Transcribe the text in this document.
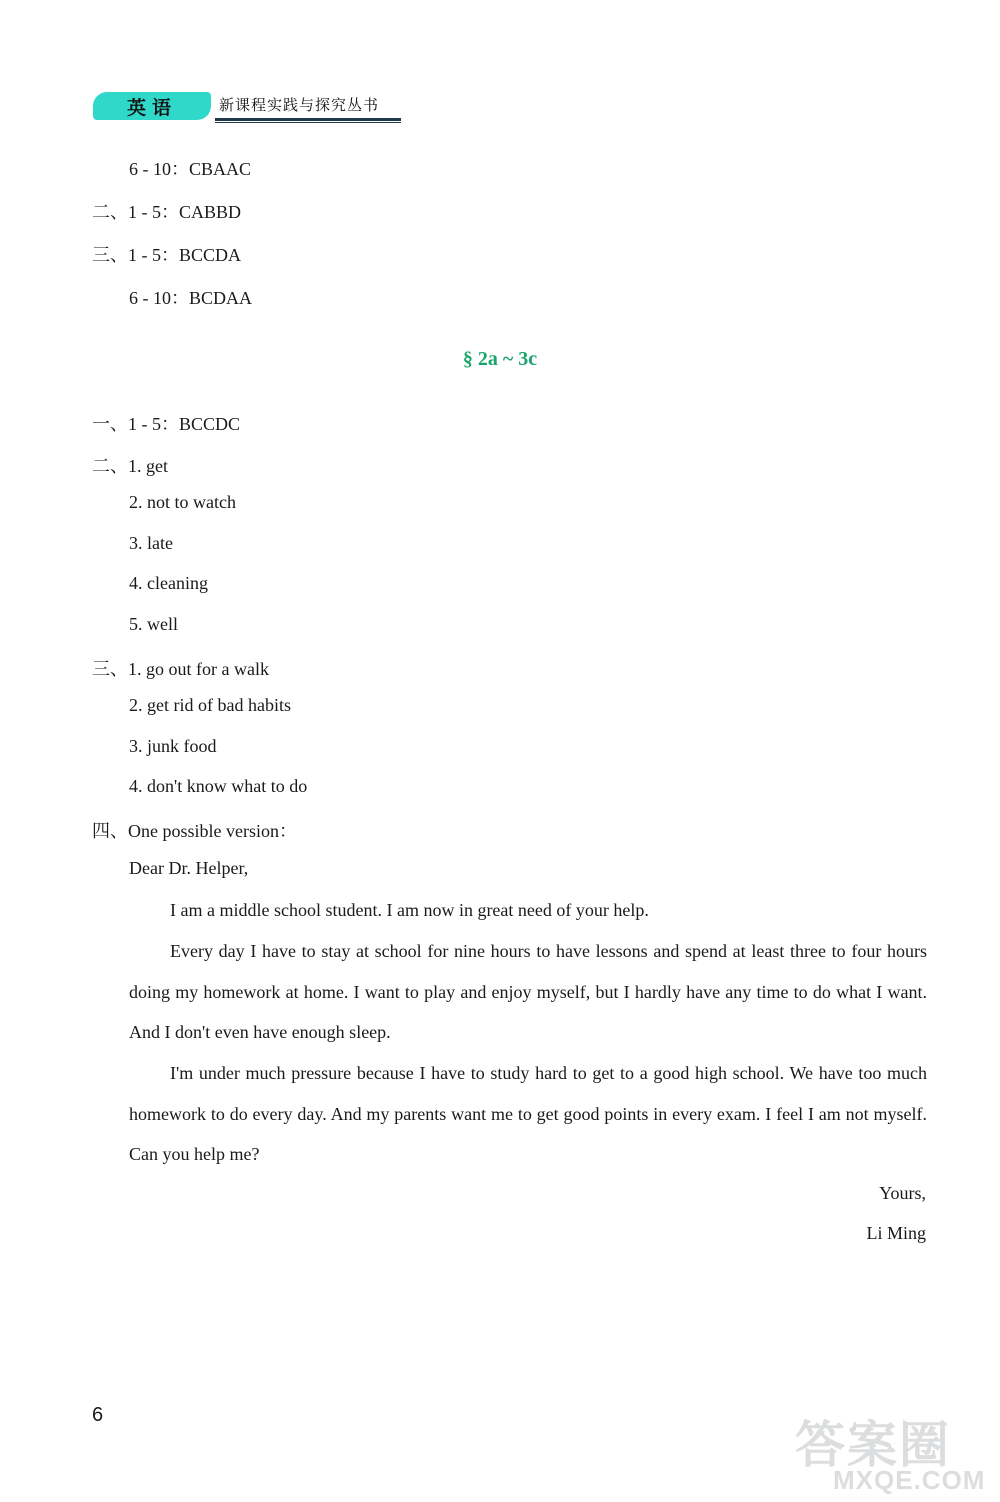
英语	新课程实践与探究丛书
6 - 10：CBAAC
二、1 - 5：CABBD
三、1 - 5：BCCDA
6 - 10：BCDAA
§ 2a ~ 3c
一、1 - 5：BCCDC
二、1. get
2. not to watch
3. late
4. cleaning
5. well
三、1. go out for a walk
2. get rid of bad habits
3. junk food
4. don't know what to do
四、One possible version：
Dear Dr. Helper,
I am a middle school student. I am now in great need of your help.
Every day I have to stay at school for nine hours to have lessons and spend at least three to four hours doing my homework at home. I want to play and enjoy myself, but I hardly have any time to do what I want. And I don't even have enough sleep.
I'm under much pressure because I have to study hard to get to a good high school. We have too much homework to do every day. And my parents want me to get good points in every exam. I feel I am not myself. Can you help me?
Yours,
Li Ming
6
答案圈
MXQE.COM
